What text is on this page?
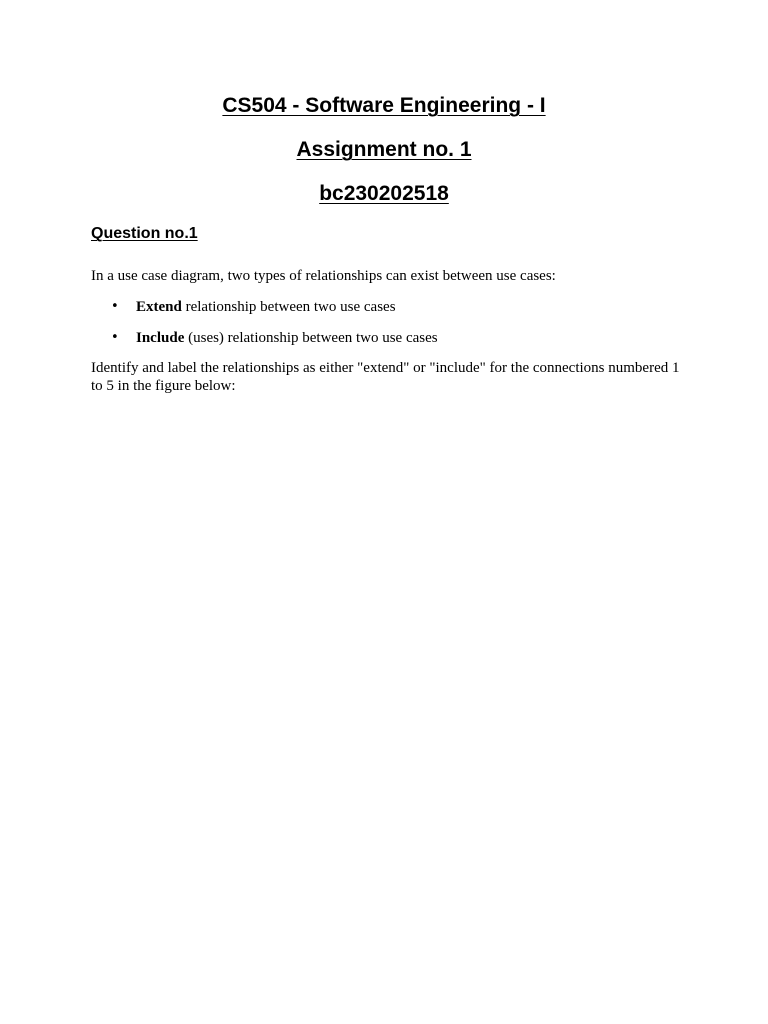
CS504 - Software Engineering - I
Assignment no. 1
bc230202518
Question no.1

In a use case diagram, two types of relationships can exist between use cases:

• Extend relationship between two use cases
• Include (uses) relationship between two use cases

Identify and label the relationships as either "extend" or "include" for the connections numbered 1 to 5 in the figure below:
